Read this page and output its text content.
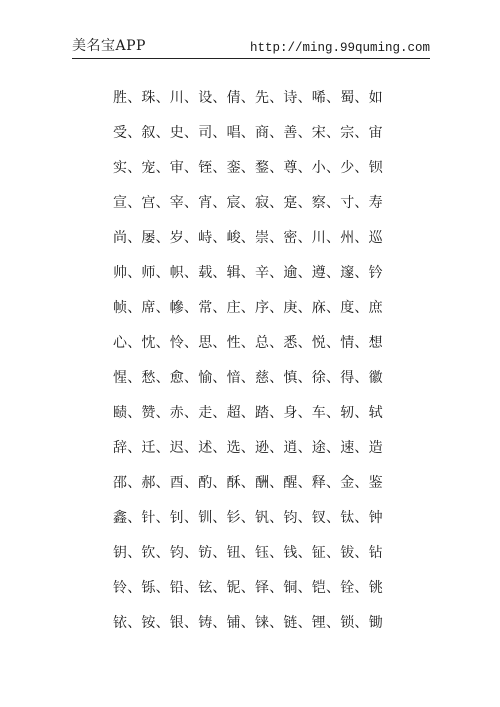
美名宝APP	http://ming.99quming.com
胜、珠、川、设、倩、先、诗、唏、蜀、如
受、叙、史、司、唱、商、善、宋、宗、宙
实、宠、审、铚、銮、鍪、尊、小、少、钡
宣、宫、宰、宵、宸、寂、寔、察、寸、寿
尚、屡、岁、峙、峻、崇、密、川、州、巡
帅、师、帜、载、辑、辛、逾、遵、邃、钤
帧、席、幓、常、庄、序、庚、庥、度、庶
心、忱、怜、思、性、总、悉、悦、情、想
惺、愁、愈、愉、愔、慈、慎、徐、得、徽
赜、赞、赤、走、超、踏、身、车、轫、轼
辞、迁、迟、述、选、逊、逍、途、速、造
邵、郝、酉、酌、酥、酬、醒、释、金、鉴
鑫、针、钊、钏、钐、钒、钧、钗、钛、钟
钥、钦、钧、钫、钮、钰、钱、钲、钹、钻
铃、铄、铅、铉、铌、铎、铜、铠、铨、铫
铱、铵、银、铸、铺、铼、链、锂、锁、锄
